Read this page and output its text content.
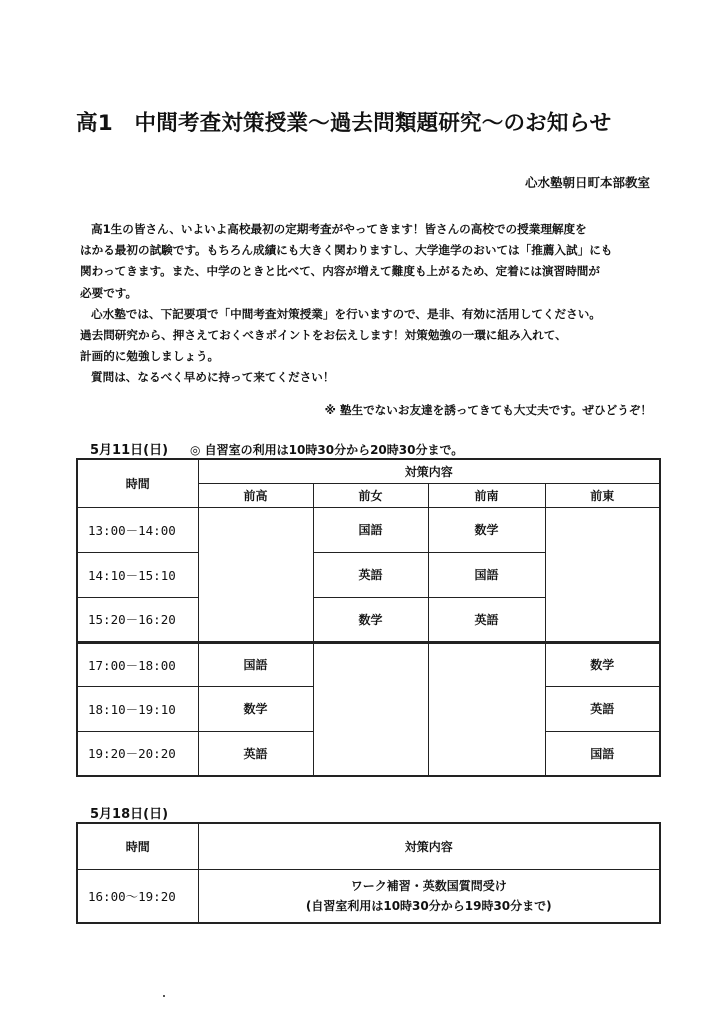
高1　中間考査対策授業～過去問類題研究～のお知らせ
心水塾朝日町本部教室

高1生の皆さん、いよいよ高校最初の定期考査がやってきます！皆さんの高校での授業理解度を

はかる最初の試験です。もちろん成績にも大きく関わりますし、大学進学のおいては「推薦入試」にも

関わってきます。また、中学のときと比べて、内容が増えて難度も上がるため、定着には演習時間が

必要です。

心水塾では、下記要項で「中間考査対策授業」を行いますので、是非、有効に活用してください。

過去問研究から、押さえておくべきポイントをお伝えします！対策勉強の一環に組み入れて、

計画的に勉強しましょう。

質問は、なるべく早めに持って来てください！

※ 塾生でないお友達を誘ってきても大丈夫です。ぜひどうぞ！
5月11日(日) ◎ 自習室の利用は10時30分から20時30分まで。
時間	対策内容			
	前高	前女	前南	前東
13:00－14:00		国語	数学	
14:10－15:10		英語	国語	
15:20－16:20		数学	英語	
17:00－18:00	国語			数学
18:10－19:10	数学			英語
19:20－20:20	英語			国語
5月18日(日)
時間	対策内容
16:00～19:20	ワーク補習・英数国質問受け
(自習室利用は10時30分から19時30分まで)
